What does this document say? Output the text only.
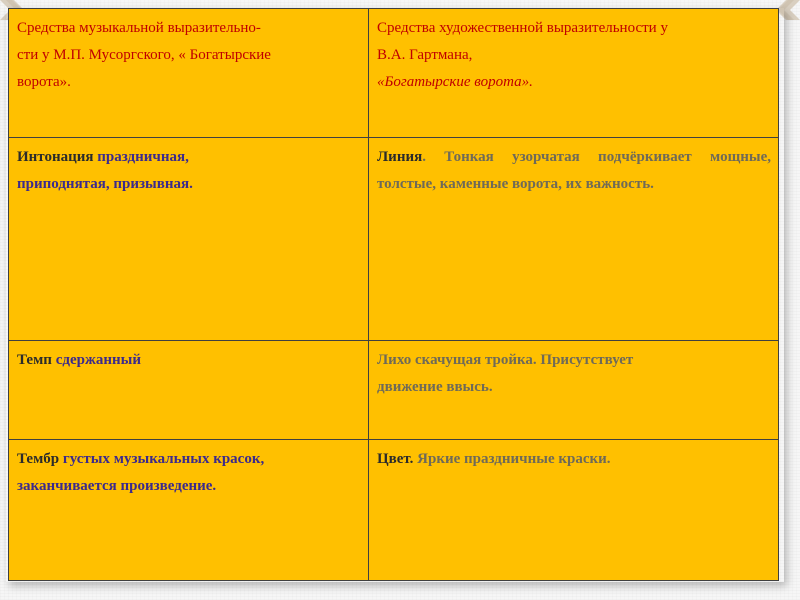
Средства музыкальной выразительно-
сти у М.П. Мусоргского, « Богатырские
ворота».	Средства художественной выразительности у
В.А. Гартмана,
«Богатырские ворота».
Интонация праздничная,
приподнятая, призывная.	Линия. Тонкая узорчатая подчёркивает мощные, толстые, каменные ворота, их важность.
Темп сдержанный	Лихо скачущая тройка. Присутствует
движение ввысь.
Тембр густых музыкальных красок,
заканчивается произведение.	Цвет. Яркие праздничные краски.
